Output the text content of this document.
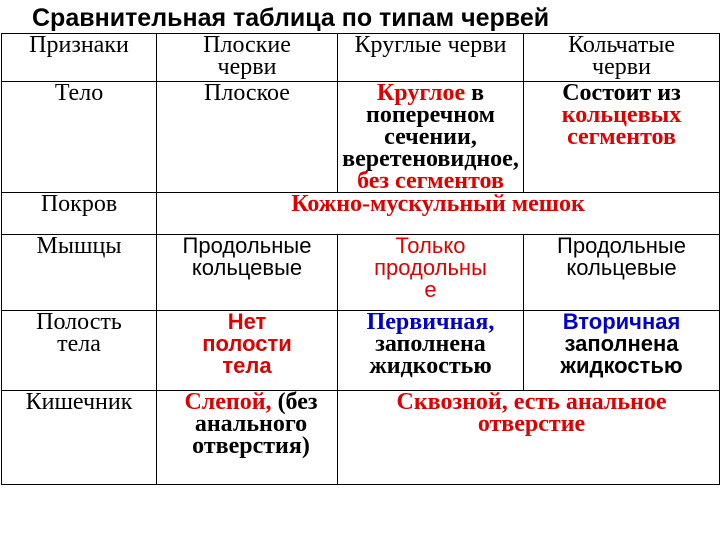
Сравнительная таблица по типам червей
Признаки	Плоские
черви	Круглые черви	Кольчатые
черви

Тело	Плоское	Круглое в
поперечном
сечении,
веретеновидное,
без сегментов	Состоит из
кольцевых
сегментов

Покров	Кожно-мускульный мешок		

Мышцы	Продольные
кольцевые	Только
продольны
е	Продольные
кольцевые

Полость
тела	Нет
полости
тела	Первичная,
заполнена
жидкостью	Вторичная
заполнена
жидкостью

Кишечник	Слепой, (без
анального
отверстия)	Сквозной, есть анальное
отверстие	
